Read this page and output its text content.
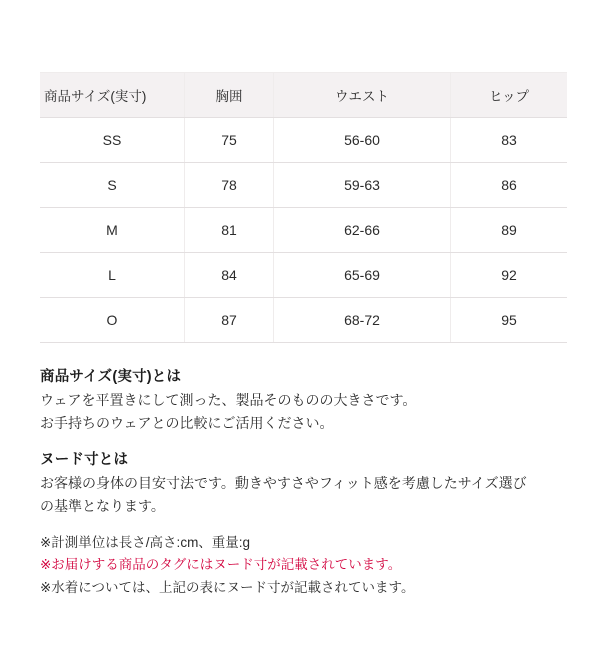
商品サイズ(実寸)	胸囲	ウエスト	ヒップ
SS	75	56-60	83
S	78	59-63	86
M	81	62-66	89
L	84	65-69	92
O	87	68-72	95

商品サイズ(実寸)とは

ウェアを平置きにして測った、製品そのものの大きさです。

お手持ちのウェアとの比較にご活用ください。

ヌード寸とは

お客様の身体の目安寸法です。動きやすさやフィット感を考慮したサイズ選び

の基準となります。

※計測単位は長さ/高さ:cm、重量:g

※お届けする商品のタグにはヌード寸が記載されています。

※水着については、上記の表にヌード寸が記載されています。
